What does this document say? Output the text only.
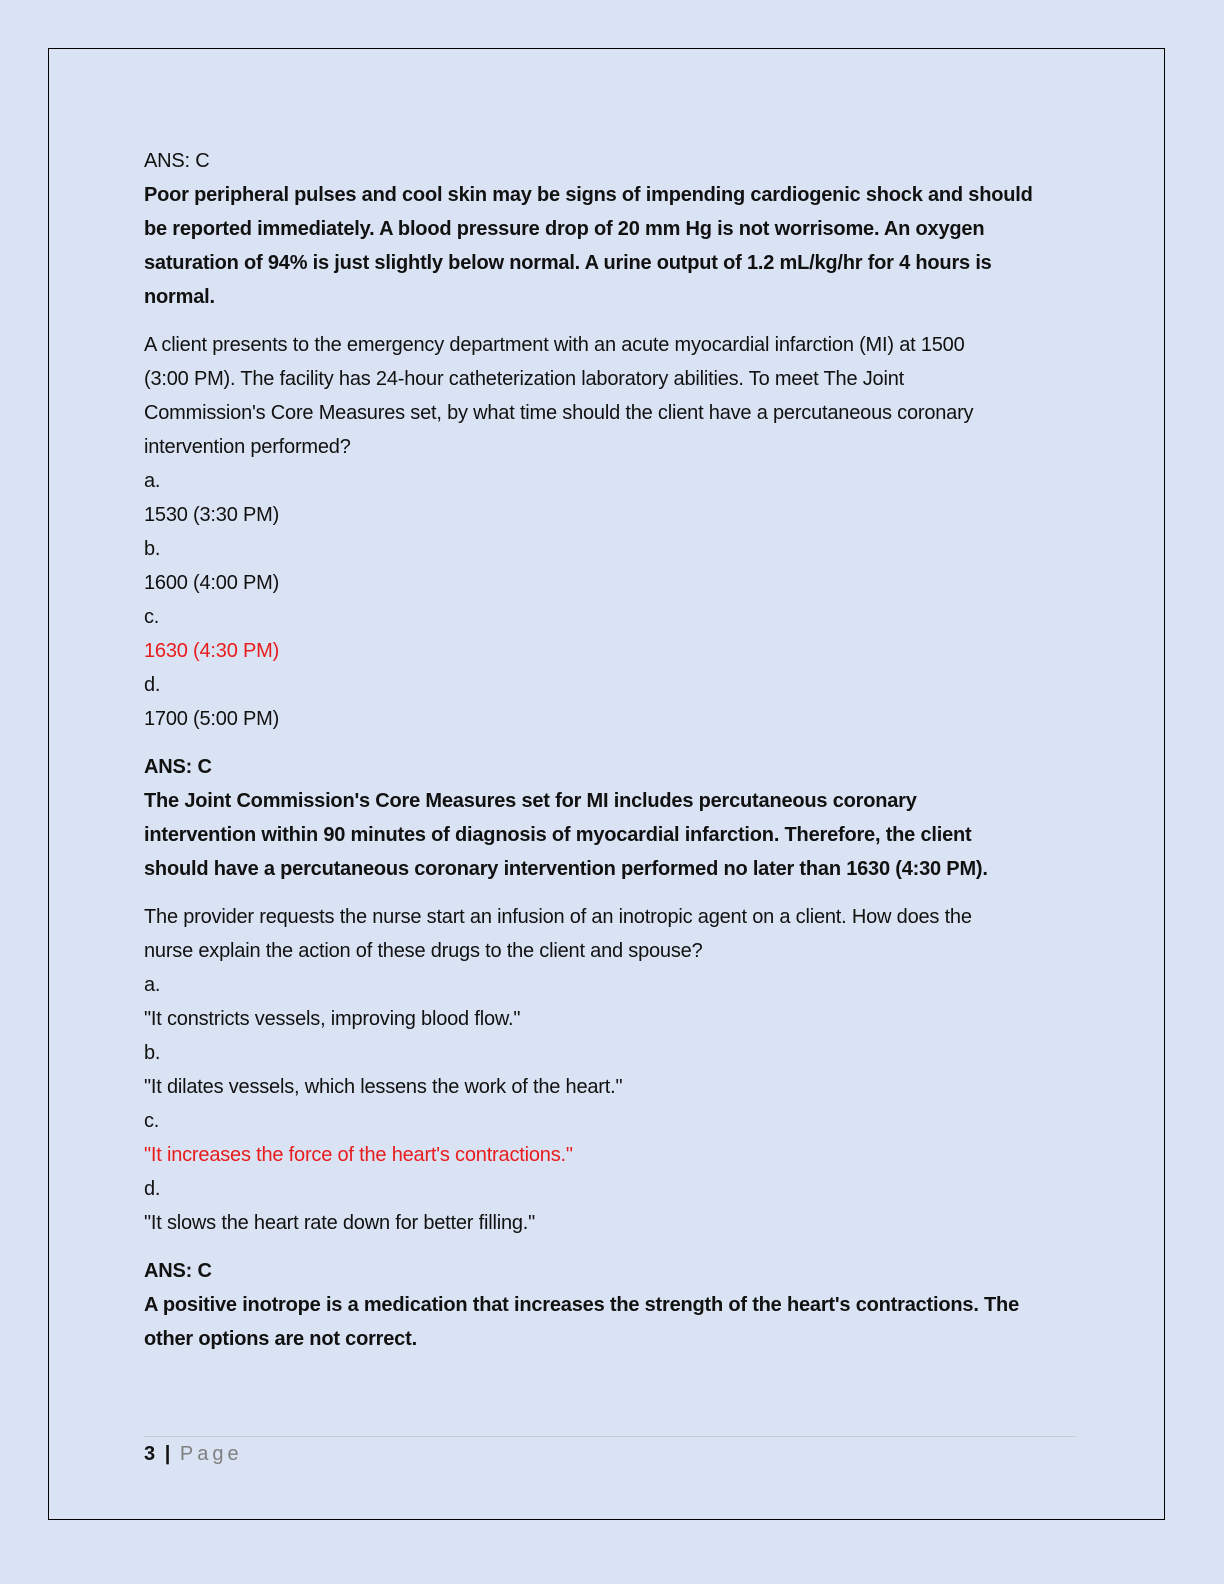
ANS: C
Poor peripheral pulses and cool skin may be signs of impending cardiogenic shock and should
be reported immediately. A blood pressure drop of 20 mm Hg is not worrisome. An oxygen
saturation of 94% is just slightly below normal. A urine output of 1.2 mL/kg/hr for 4 hours is
normal.
A client presents to the emergency department with an acute myocardial infarction (MI) at 1500
(3:00 PM). The facility has 24-hour catheterization laboratory abilities. To meet The Joint
Commission's Core Measures set, by what time should the client have a percutaneous coronary
intervention performed?
a.
1530 (3:30 PM)
b.
1600 (4:00 PM)
c.
1630 (4:30 PM)
d.
1700 (5:00 PM)
ANS: C
The Joint Commission's Core Measures set for MI includes percutaneous coronary
intervention within 90 minutes of diagnosis of myocardial infarction. Therefore, the client
should have a percutaneous coronary intervention performed no later than 1630 (4:30 PM).
The provider requests the nurse start an infusion of an inotropic agent on a client. How does the
nurse explain the action of these drugs to the client and spouse?
a.
"It constricts vessels, improving blood flow."
b.
"It dilates vessels, which lessens the work of the heart."
c.
"It increases the force of the heart's contractions."
d.
"It slows the heart rate down for better filling."
ANS: C
A positive inotrope is a medication that increases the strength of the heart's contractions. The
other options are not correct.
3 | Page
